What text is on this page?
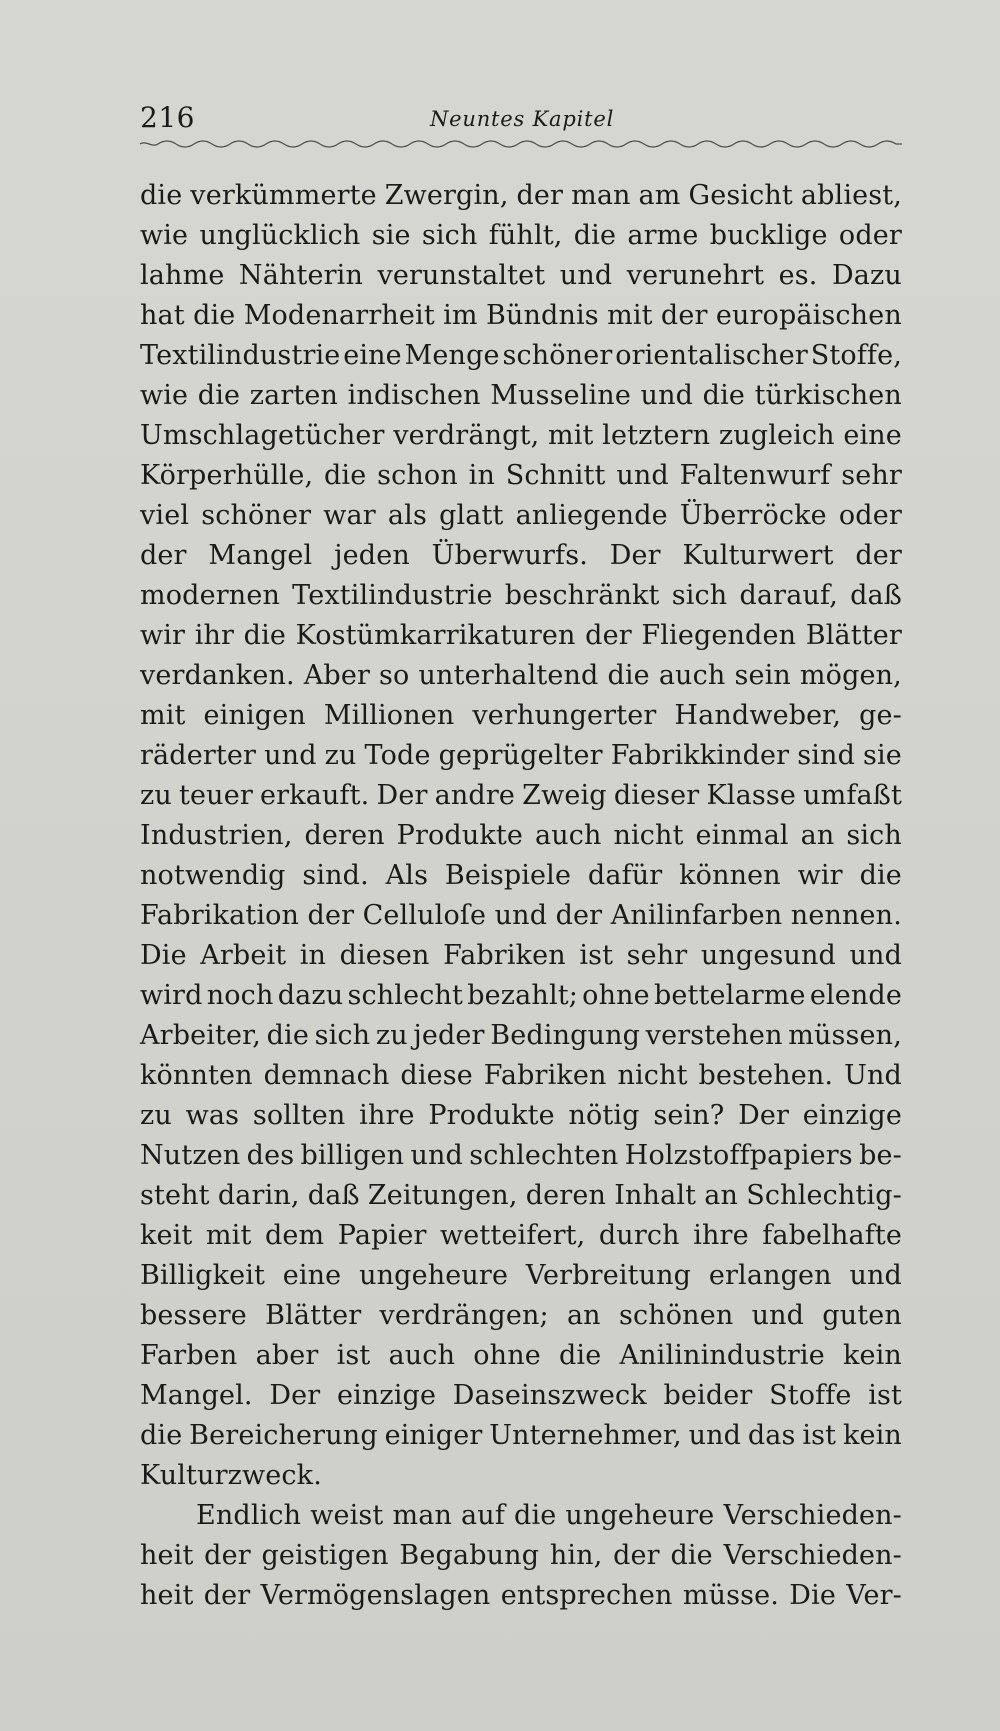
216	Neuntes Kapitel
die verkümmerte Zwergin, der man am Gesicht abliest,
wie unglücklich sie sich fühlt, die arme bucklige oder
lahme Nähterin verunstaltet und verunehrt es. Dazu
hat die Modenarrheit im Bündnis mit der europäischen
Textilindustrie eine Menge schöner orientalischer Stoffe,
wie die zarten indischen Musseline und die türkischen
Umschlagetücher verdrängt, mit letztern zugleich eine
Körperhülle, die schon in Schnitt und Faltenwurf sehr
viel schöner war als glatt anliegende Überröcke oder
der Mangel jeden Überwurfs. Der Kulturwert der
modernen Textilindustrie beschränkt sich darauf, daß
wir ihr die Kostümkarrikaturen der Fliegenden Blätter
verdanken. Aber so unterhaltend die auch sein mögen,
mit einigen Millionen verhungerter Handweber, ge-
räderter und zu Tode geprügelter Fabrikkinder sind sie
zu teuer erkauft. Der andre Zweig dieser Klasse umfaßt
Industrien, deren Produkte auch nicht einmal an sich
notwendig sind. Als Beispiele dafür können wir die
Fabrikation der Celluloſe und der Anilinfarben nennen.
Die Arbeit in diesen Fabriken ist sehr ungesund und
wird noch dazu schlecht bezahlt; ohne bettelarme elende
Arbeiter, die sich zu jeder Bedingung verstehen müssen,
könnten demnach diese Fabriken nicht bestehen. Und
zu was sollten ihre Produkte nötig sein? Der einzige
Nutzen des billigen und schlechten Holzstoffpapiers be-
steht darin, daß Zeitungen, deren Inhalt an Schlechtig-
keit mit dem Papier wetteifert, durch ihre fabelhafte
Billigkeit eine ungeheure Verbreitung erlangen und
bessere Blätter verdrängen; an schönen und guten
Farben aber ist auch ohne die Anilinindustrie kein
Mangel. Der einzige Daseinszweck beider Stoffe ist
die Bereicherung einiger Unternehmer, und das ist kein
Kulturzweck.
Endlich weist man auf die ungeheure Verschieden-
heit der geistigen Begabung hin, der die Verschieden-
heit der Vermögenslagen entsprechen müsse. Die Ver-
